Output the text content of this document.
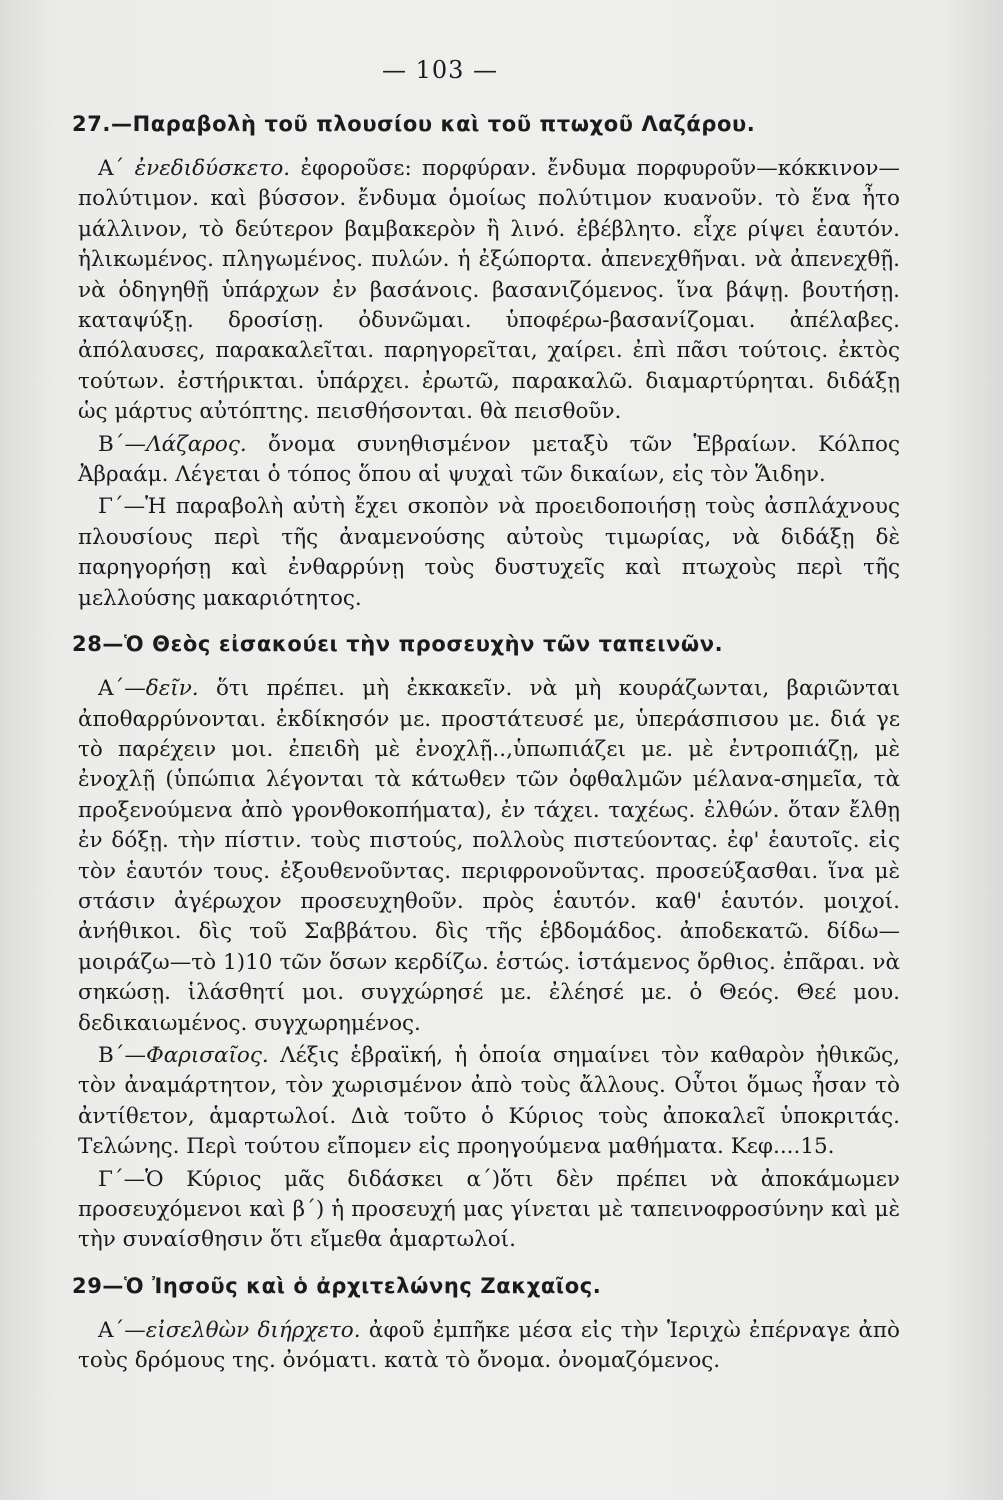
— 103 —
27.—Παραβολὴ τοῦ πλουσίου καὶ τοῦ πτωχοῦ Λαζάρου.

Α΄ ἐνεδιδύσκετο. ἐφοροῦσε: πορφύραν. ἔνδυμα πορφυροῦν—κόκκινον—πολύτιμον. καὶ βύσσον. ἔνδυμα ὁμοίως πολύτιμον κυανοῦν. τὸ ἕνα ἦτο μάλλινον, τὸ δεύτερον βαμβακερὸν ἢ λινό. ἐβέβλητο. εἶχε ρίψει ἑαυτόν. ἡλικωμένος. πληγωμένος. πυλών. ἡ ἐξώπορτα. ἀπενεχθῆναι. νὰ ἀπενεχθῇ. νὰ ὁδηγηθῇ ὑπάρχων ἐν βασάνοις. βασανιζόμενος. ἵνα βάψῃ. βουτήσῃ. καταψύξῃ. δροσίσῃ. ὀδυνῶμαι. ὑποφέρω-βασανίζομαι. ἀπέλαβες. ἀπόλαυσες, παρακαλεῖται. παρηγορεῖται, χαίρει. ἐπὶ πᾶσι τούτοις. ἐκτὸς τούτων. ἐστήρικται. ὑπάρχει. ἐρωτῶ, παρακαλῶ. διαμαρτύρηται. διδάξῃ ὡς μάρτυς αὐτόπτης. πεισθήσονται. θὰ πεισθοῦν.

Β΄—Λάζαρος. ὄνομα συνηθισμένον μεταξὺ τῶν Ἑβραίων. Κόλπος Ἀβραάμ. Λέγεται ὁ τόπος ὅπου αἱ ψυχαὶ τῶν δικαίων, εἰς τὸν Ἅιδην.

Γ΄—Ἡ παραβολὴ αὐτὴ ἔχει σκοπὸν νὰ προειδοποιήσῃ τοὺς ἀσπλάχνους πλουσίους περὶ τῆς ἀναμενούσης αὐτοὺς τιμωρίας, νὰ διδάξῃ δὲ παρηγορήσῃ καὶ ἐνθαρρύνῃ τοὺς δυστυχεῖς καὶ πτωχοὺς περὶ τῆς μελλούσης μακαριότητος.

28—Ὁ Θεὸς εἰσακούει τὴν προσευχὴν τῶν ταπεινῶν.

Α΄—δεῖν. ὅτι πρέπει. μὴ ἐκκακεῖν. νὰ μὴ κουράζωνται, βαριῶνται ἀποθαρρύνονται. ἐκδίκησόν με. προστάτευσέ με, ὑπεράσπισου με. διά γε τὸ παρέχειν μοι. ἐπειδὴ μὲ ἐνοχλῇ..,ὑπωπιάζει με. μὲ ἐντροπιάζῃ, μὲ ἐνοχλῇ (ὑπώπια λέγονται τὰ κάτωθεν τῶν ὀφθαλμῶν μέλανα-σημεῖα, τὰ προξενούμενα ἀπὸ γρονθοκοπήματα), ἐν τάχει. ταχέως. ἐλθών. ὅταν ἔλθῃ ἐν δόξῃ. τὴν πίστιν. τοὺς πιστούς, πολλοὺς πιστεύοντας. ἐφ' ἑαυτοῖς. εἰς τὸν ἑαυτόν τους. ἐξουθενοῦντας. περιφρονοῦντας. προσεύξασθαι. ἵνα μὲ στάσιν ἀγέρωχον προσευχηθοῦν. πρὸς ἑαυτόν. καθ' ἑαυτόν. μοιχοί. ἀνήθικοι. δὶς τοῦ Σαββάτου. δὶς τῆς ἑβδομάδος. ἀποδεκατῶ. δίδω—μοιράζω—τὸ 1)10 τῶν ὅσων κερδίζω. ἑστώς. ἱστάμενος ὄρθιος. ἐπᾶραι. νὰ σηκώσῃ. ἱλάσθητί μοι. συγχώρησέ με. ἐλέησέ με. ὁ Θεός. Θεέ μου. δεδικαιωμένος. συγχωρημένος.

Β΄—Φαρισαῖος. Λέξις ἑβραϊκή, ἡ ὁποία σημαίνει τὸν καθαρὸν ἠθικῶς, τὸν ἀναμάρτητον, τὸν χωρισμένον ἀπὸ τοὺς ἄλλους. Οὗτοι ὅμως ἦσαν τὸ ἀντίθετον, ἁμαρτωλοί. Διὰ τοῦτο ὁ Κύριος τοὺς ἀποκαλεῖ ὑποκριτάς. Τελώνης. Περὶ τούτου εἴπομεν εἰς προηγούμενα μαθήματα. Κεφ....15.

Γ΄—Ὁ Κύριος μᾶς διδάσκει α΄)ὅτι δὲν πρέπει νὰ ἀποκάμωμεν προσευχόμενοι καὶ β΄) ἡ προσευχή μας γίνεται μὲ ταπεινοφροσύνην καὶ μὲ τὴν συναίσθησιν ὅτι εἴμεθα ἁμαρτωλοί.

29—Ὁ Ἰησοῦς καὶ ὁ ἀρχιτελώνης Ζακχαῖος.

Α΄—εἰσελθὼν διήρχετο. ἀφοῦ ἐμπῆκε μέσα εἰς τὴν Ἱεριχὼ ἐπέρναγε ἀπὸ τοὺς δρόμους της. ὀνόματι. κατὰ τὸ ὄνομα. ὀνομαζόμενος.
